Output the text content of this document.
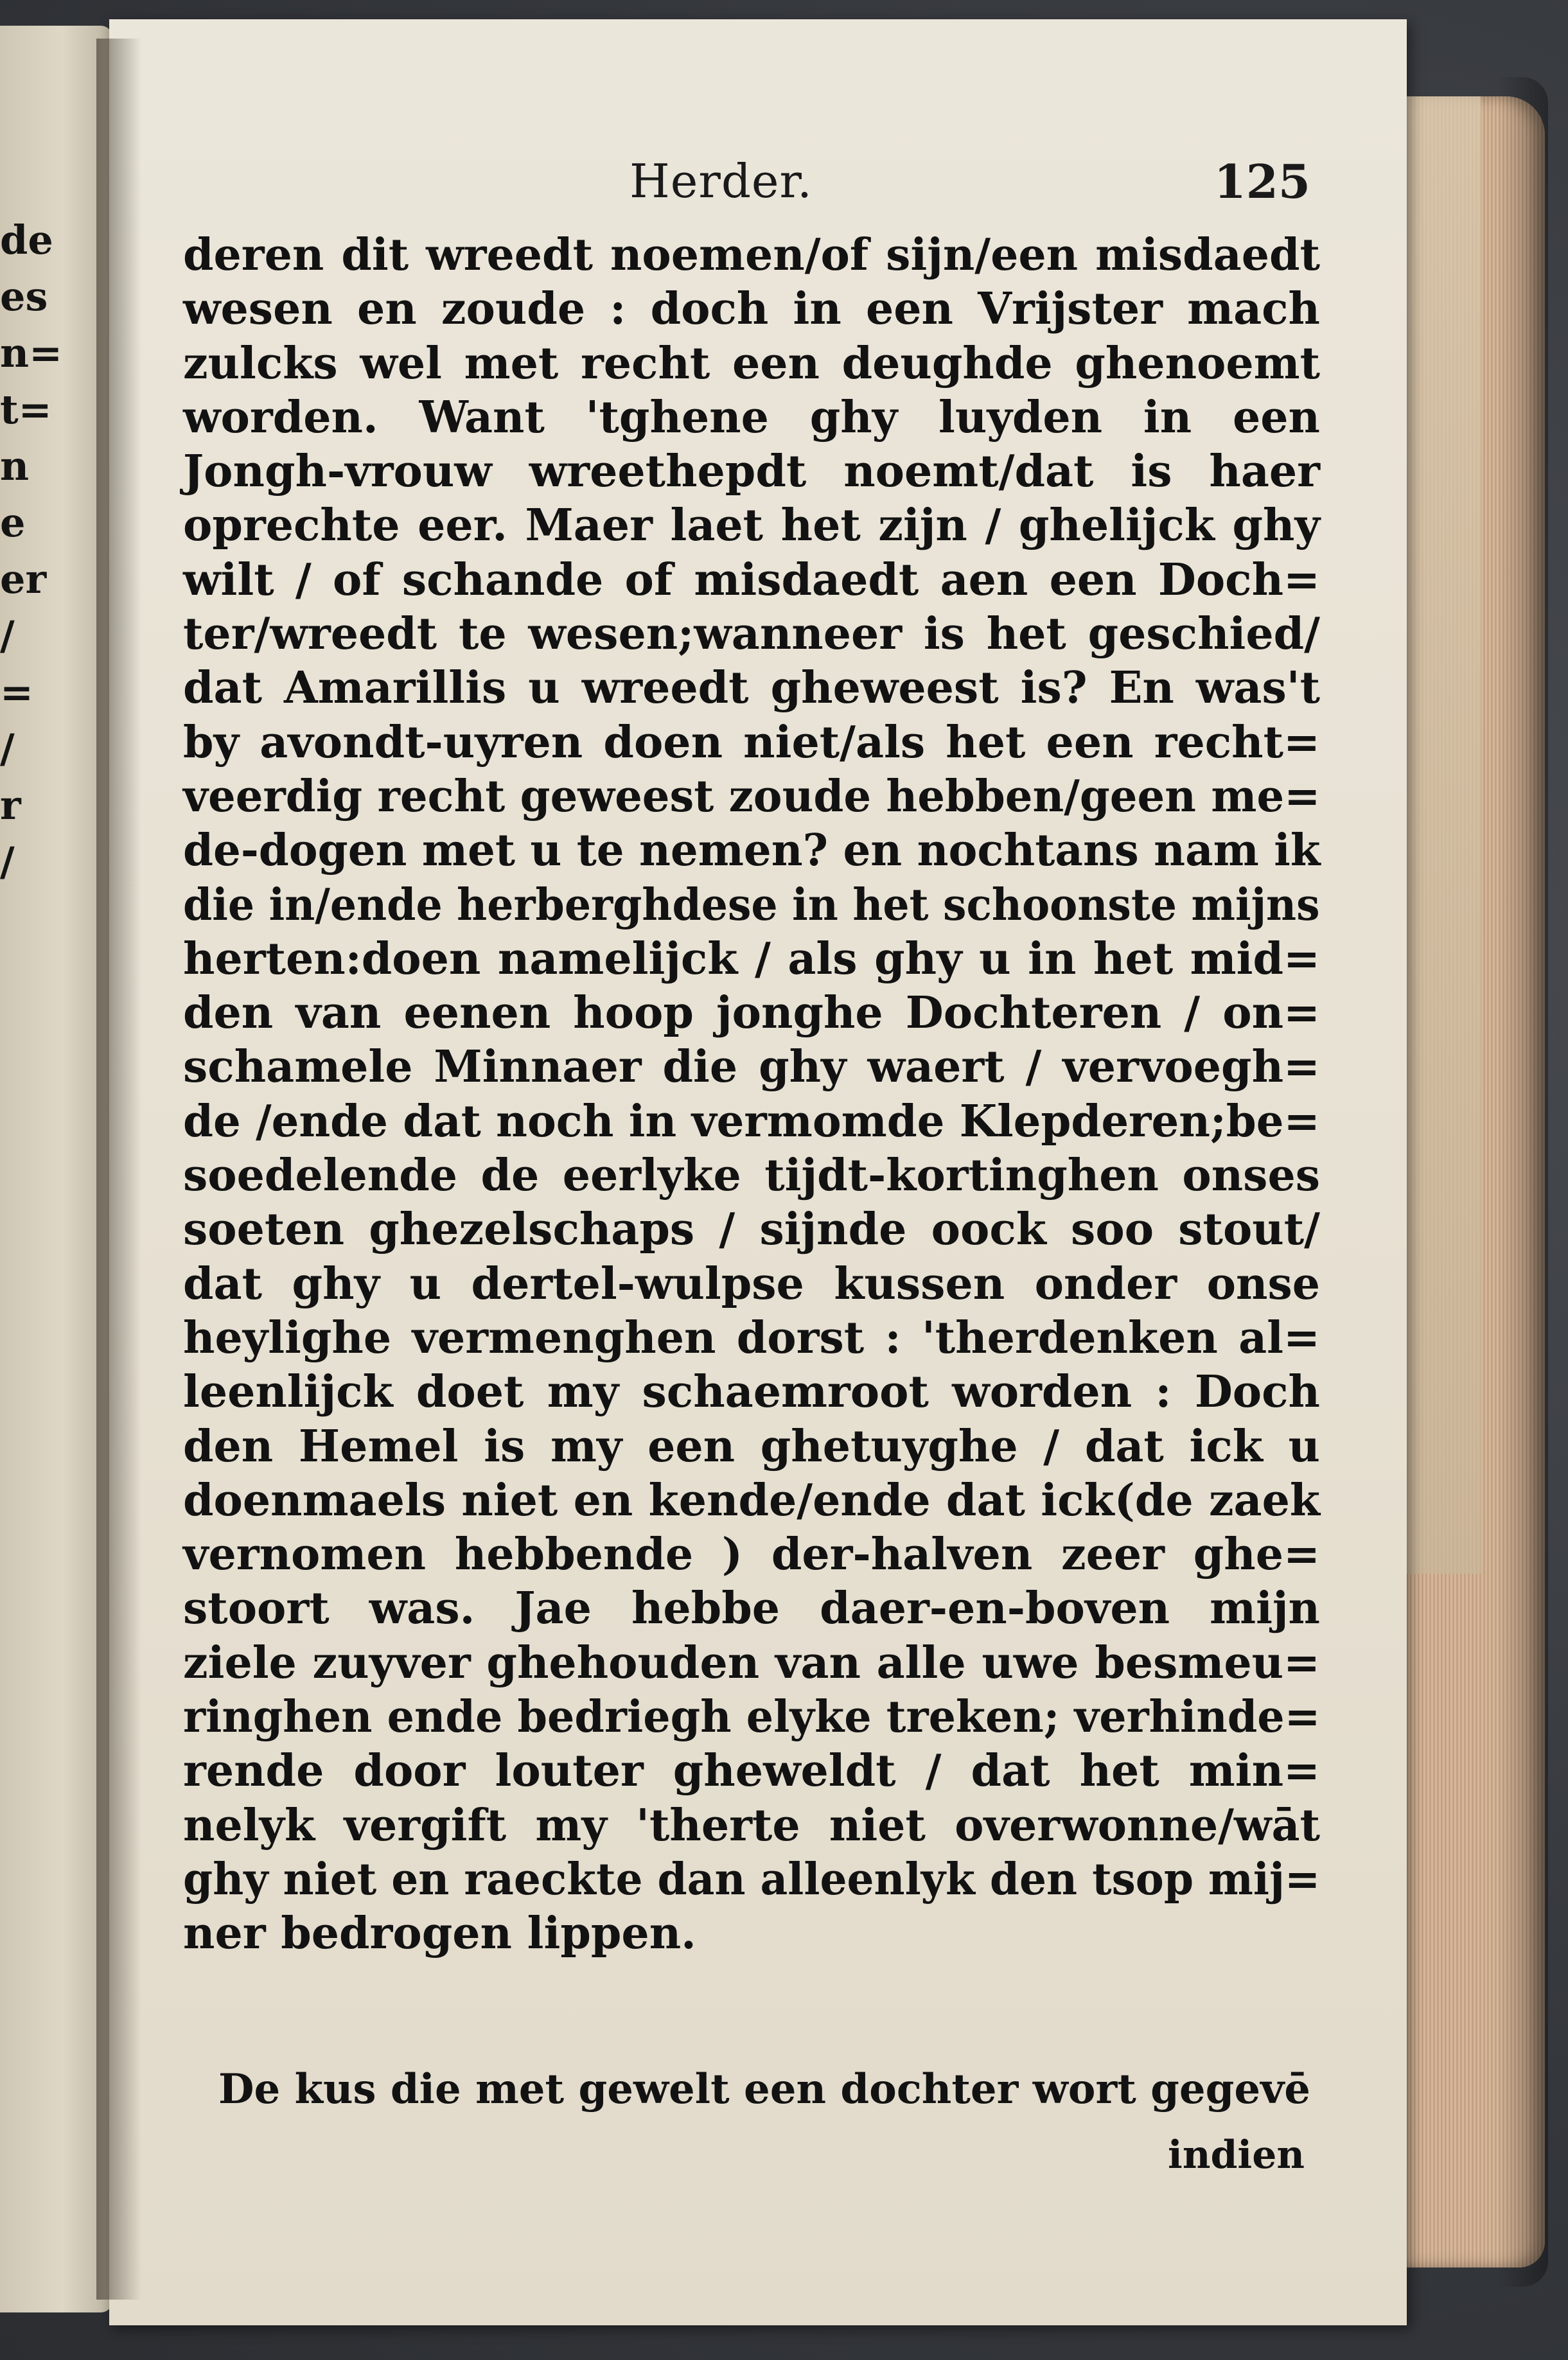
de
es
n=
t=
n
e
er
/
=
/
r
/
Herder.	125
deren dit wreedt noemen/of sijn/een misdaedt
wesen en zoude : doch in een Vrijster mach
zulcks wel met recht een deughde ghenoemt
worden. Want 'tghene ghy luyden in een
Jongh-vrouw wreethepdt noemt/dat is haer
oprechte eer. Maer laet het zijn / ghelijck ghy
wilt / of schande of misdaedt aen een Doch=
ter/wreedt te wesen;wanneer is het geschied/
dat Amarillis u wreedt gheweest is? En was't
by avondt-uyren doen niet/als het een recht=
veerdig recht geweest zoude hebben/geen me=
de-dogen met u te nemen? en nochtans nam ik
die in/ende herberghdese in het schoonste mijns
herten:doen namelijck / als ghy u in het mid=
den van eenen hoop jonghe Dochteren / on=
schamele Minnaer die ghy waert / vervoegh=
de /ende dat noch in vermomde Klepderen;be=
soedelende de eerlyke tijdt-kortinghen onses
soeten ghezelschaps / sijnde oock soo stout/
dat ghy u dertel-wulpse kussen onder onse
heylighe vermenghen dorst : 'therdenken al=
leenlijck doet my schaemroot worden : Doch
den Hemel is my een ghetuyghe / dat ick u
doenmaels niet en kende/ende dat ick(de zaek
vernomen hebbende ) der-halven zeer ghe=
stoort was. Jae hebbe daer-en-boven mijn
ziele zuyver ghehouden van alle uwe besmeu=
ringhen ende bedriegh elyke treken; verhinde=
rende door louter gheweldt / dat het min=
nelyk vergift my 'therte niet overwonne/wāt
ghy niet en raeckte dan alleenlyk den tsop mij=
ner bedrogen lippen.
De kus die met gewelt een dochter wort gegevē
indien
